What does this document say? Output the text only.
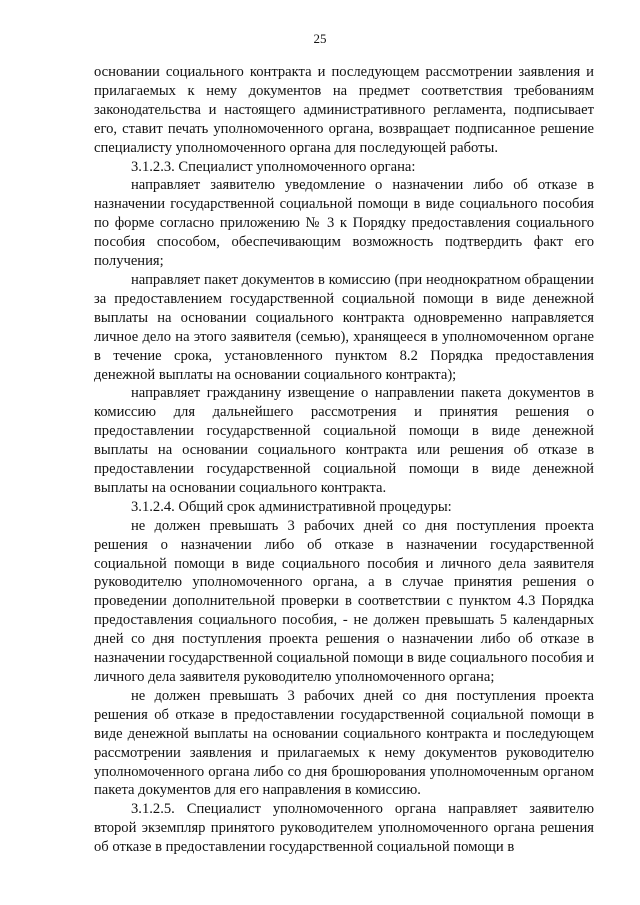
25

основании социального контракта и последующем рассмотрении заявления и прилагаемых к нему документов на предмет соответствия требованиям законодательства и настоящего административного регламента, подписывает его, ставит печать уполномоченного органа, возвращает подписанное решение специалисту уполномоченного органа для последующей работы.

3.1.2.3. Специалист уполномоченного органа:

направляет заявителю уведомление о назначении либо об отказе в назначении государственной социальной помощи в виде социального пособия по форме согласно приложению № 3 к Порядку предоставления социального пособия способом, обеспечивающим возможность подтвердить факт его получения;

направляет пакет документов в комиссию (при неоднократном обращении за предоставлением государственной социальной помощи в виде денежной выплаты на основании социального контракта одновременно направляется личное дело на этого заявителя (семью), хранящееся в уполномоченном органе в течение срока, установленного пунктом 8.2 Порядка предоставления денежной выплаты на основании социального контракта);

направляет гражданину извещение о направлении пакета документов в комиссию для дальнейшего рассмотрения и принятия решения о предоставлении государственной социальной помощи в виде денежной выплаты на основании социального контракта или решения об отказе в предоставлении государственной социальной помощи в виде денежной выплаты на основании социального контракта.

3.1.2.4. Общий срок административной процедуры:

не должен превышать 3 рабочих дней со дня поступления проекта решения о назначении либо об отказе в назначении государственной социальной помощи в виде социального пособия и личного дела заявителя руководителю уполномоченного органа, а в случае принятия решения о проведении дополнительной проверки в соответствии с пунктом 4.3 Порядка предоставления социального пособия, - не должен превышать 5 календарных дней со дня поступления проекта решения о назначении либо об отказе в назначении государственной социальной помощи в виде социального пособия и личного дела заявителя руководителю уполномоченного органа;

не должен превышать 3 рабочих дней со дня поступления проекта решения об отказе в предоставлении государственной социальной помощи в виде денежной выплаты на основании социального контракта и последующем рассмотрении заявления и прилагаемых к нему документов руководителю уполномоченного органа либо со дня брошюрования уполномоченным органом пакета документов для его направления в комиссию.

3.1.2.5. Специалист уполномоченного органа направляет заявителю второй экземпляр принятого руководителем уполномоченного органа решения об отказе в предоставлении государственной социальной помощи в
